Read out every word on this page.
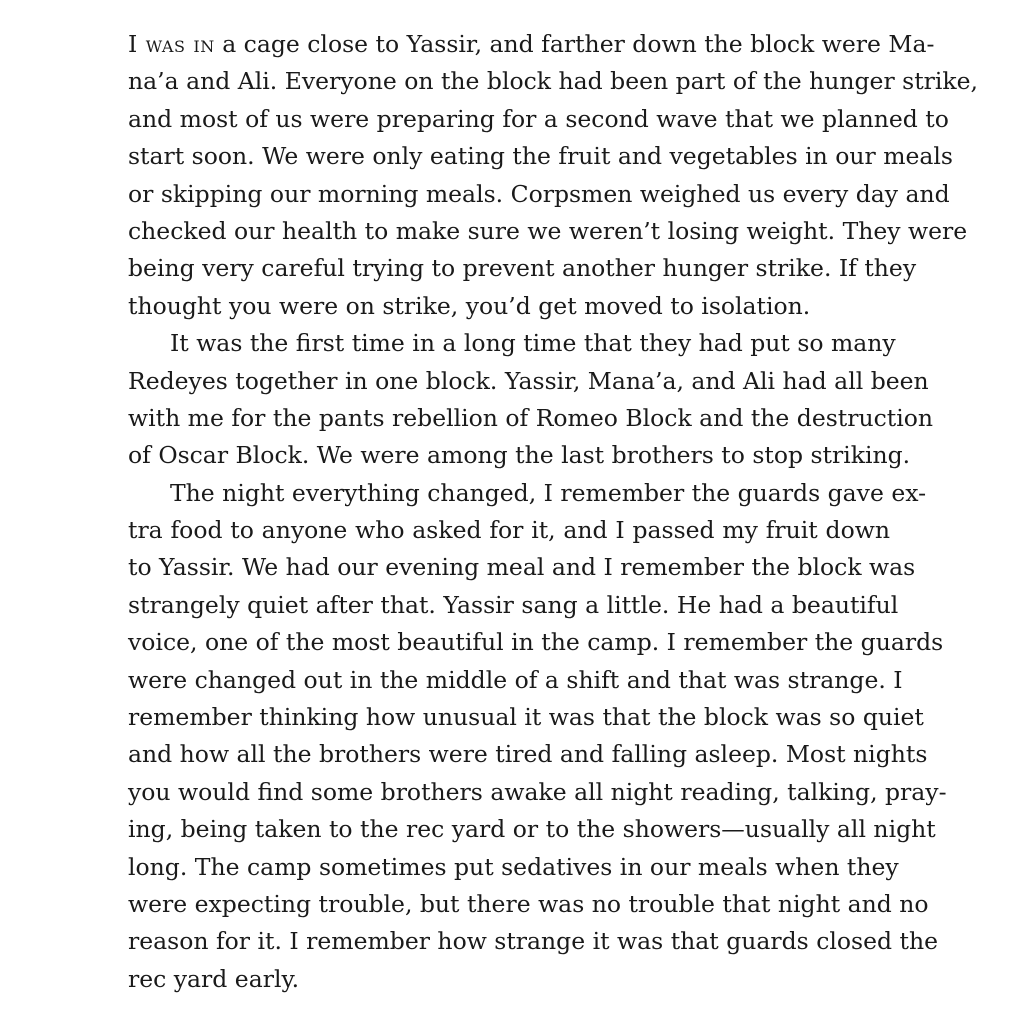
I was in a cage close to Yassir, and farther down the block were Ma-
na’a and Ali. Everyone on the block had been part of the hunger strike,
and most of us were preparing for a second wave that we planned to
start soon. We were only eating the fruit and vegetables in our meals
or skipping our morning meals. Corpsmen weighed us every day and
checked our health to make sure we weren’t losing weight. They were
being very careful trying to prevent another hunger strike. If they
thought you were on strike, you’d get moved to isolation.
It was the first time in a long time that they had put so many
Redeyes together in one block. Yassir, Mana’a, and Ali had all been
with me for the pants rebellion of Romeo Block and the destruction
of Oscar Block. We were among the last brothers to stop striking.
The night everything changed, I remember the guards gave ex-
tra food to anyone who asked for it, and I passed my fruit down
to Yassir. We had our evening meal and I remember the block was
strangely quiet after that. Yassir sang a little. He had a beautiful
voice, one of the most beautiful in the camp. I remember the guards
were changed out in the middle of a shift and that was strange. I
remember thinking how unusual it was that the block was so quiet
and how all the brothers were tired and falling asleep. Most nights
you would find some brothers awake all night reading, talking, pray-
ing, being taken to the rec yard or to the showers—usually all night
long. The camp sometimes put sedatives in our meals when they
were expecting trouble, but there was no trouble that night and no
reason for it. I remember how strange it was that guards closed the
rec yard early.
